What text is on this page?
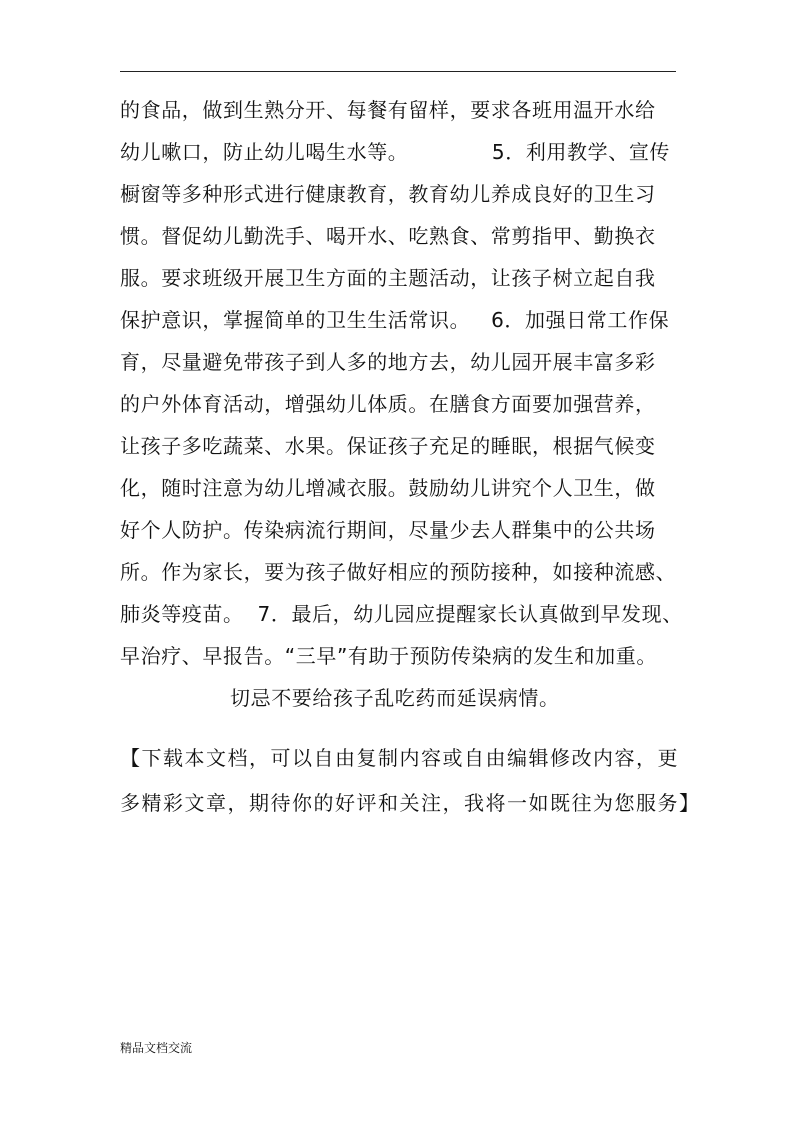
的食品，做到生熟分开、每餐有留样，要求各班用温开水给
幼儿嗽口，防止幼儿喝生水等。            5．利用教学、宣传
橱窗等多种形式进行健康教育，教育幼儿养成良好的卫生习
惯。督促幼儿勤洗手、喝开水、吃熟食、常剪指甲、勤换衣
服。要求班级开展卫生方面的主题活动，让孩子树立起自我
保护意识，掌握简单的卫生生活常识。   6．加强日常工作保
育，尽量避免带孩子到人多的地方去，幼儿园开展丰富多彩
的户外体育活动，增强幼儿体质。在膳食方面要加强营养，
让孩子多吃蔬菜、水果。保证孩子充足的睡眠，根据气候变
化，随时注意为幼儿增减衣服。鼓励幼儿讲究个人卫生，做
好个人防护。传染病流行期间，尽量少去人群集中的公共场
所。作为家长，要为孩子做好相应的预防接种，如接种流感、
肺炎等疫苗。  7．最后，幼儿园应提醒家长认真做到早发现、
早治疗、早报告。“三早”有助于预防传染病的发生和加重。
切忌不要给孩子乱吃药而延误病情。
【下载本文档，可以自由复制内容或自由编辑修改内容，更
多精彩文章，期待你的好评和关注，我将一如既往为您服务】
精品文档交流
